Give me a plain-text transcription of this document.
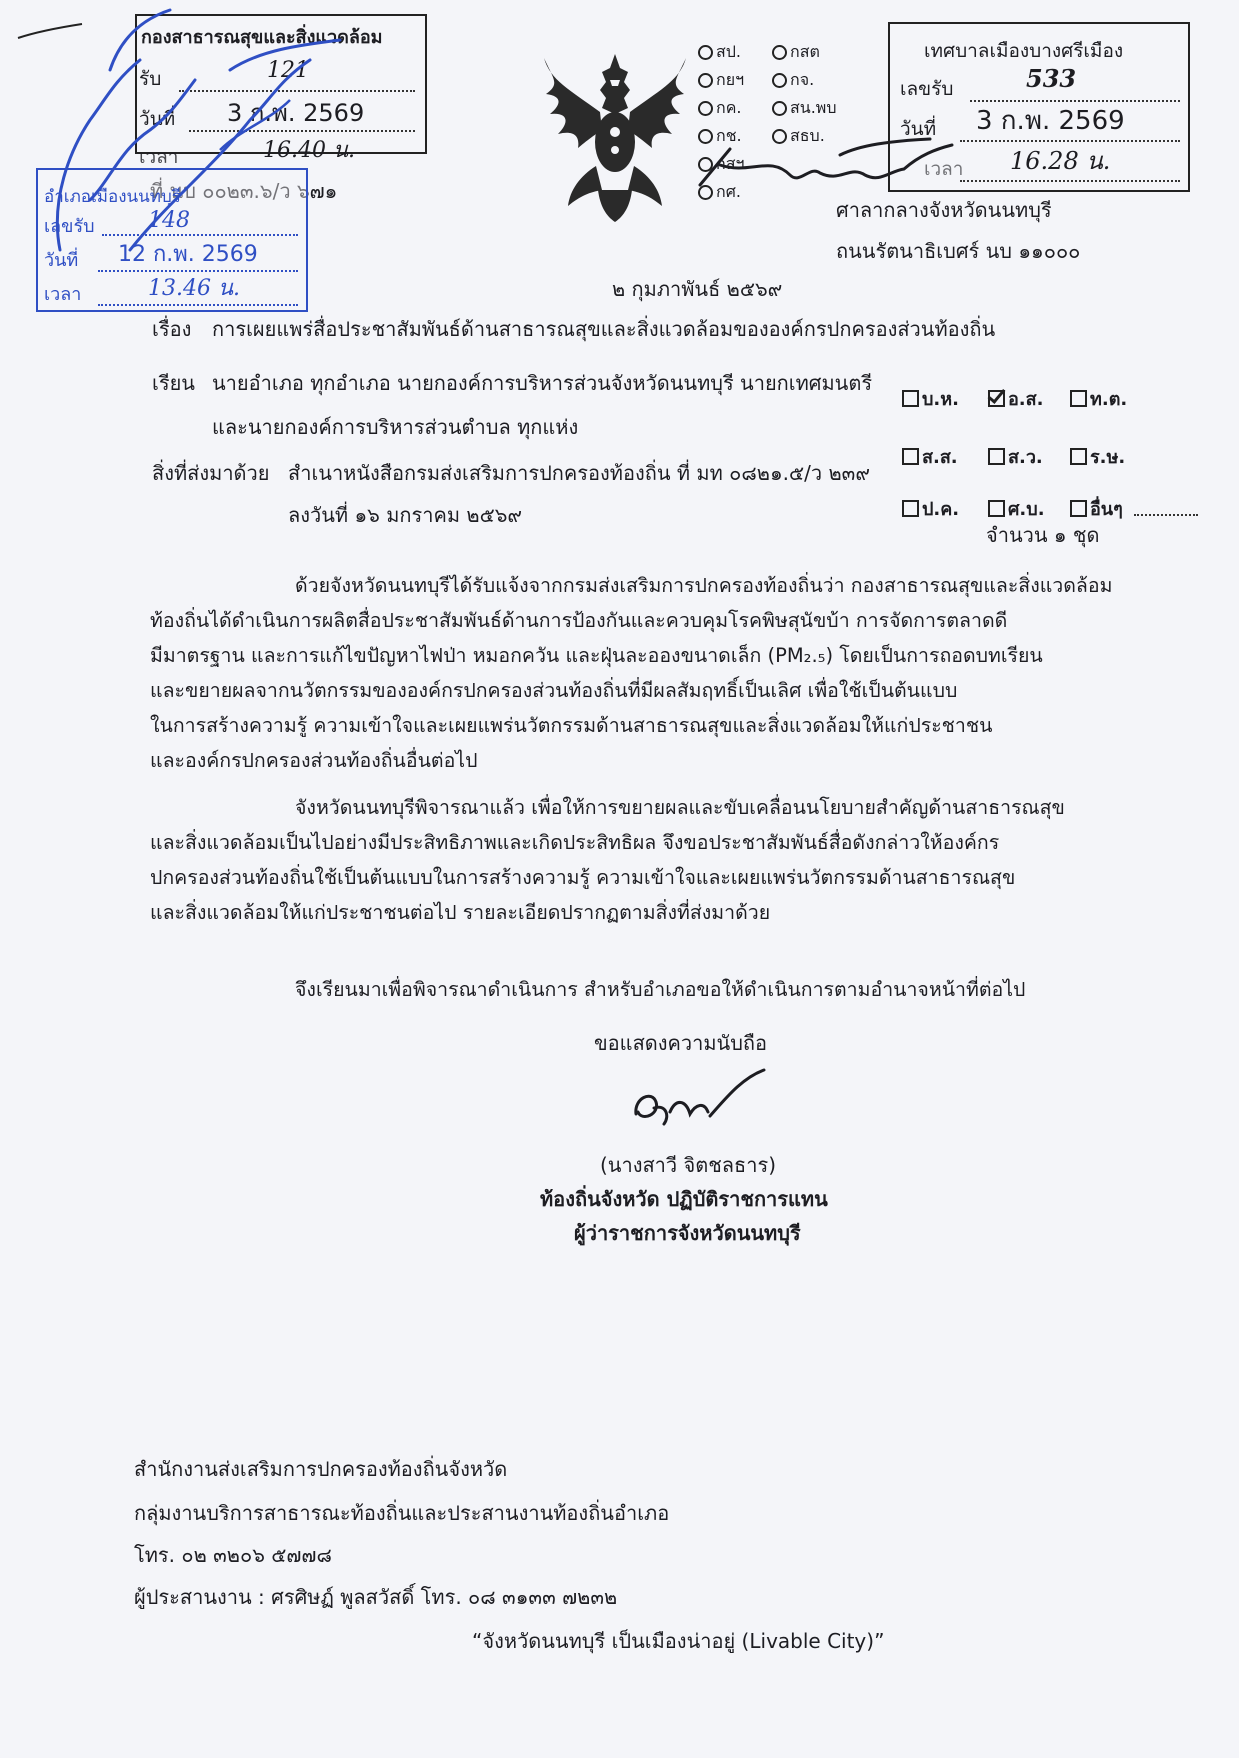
กองสาธารณสุขและสิ่งแวดล้อม
รับ	121
วันที่ 3 ก.พ. 2569
เวลา	16.40 น.
ที่ นบ ๐๐๒๓.๖/ว ๖๗๑
อำเภอเมืองนนทบุรี
เลขรับ 148
วันที่ 12 ก.พ. 2569
เวลา	13.46 น.
สป.	กสต
กยฯ	กจ.
กค.	สน.พบ
กช.	สธบ.
กสฯ
กศ.
เทศบาลเมืองบางศรีเมือง
เลขรับ	533
วันที่ 3 ก.พ. 2569
เวลา 16.28 น.
ศาลากลางจังหวัดนนทบุรี
ถนนรัตนาธิเบศร์ นบ ๑๑๐๐๐
๒ กุมภาพันธ์ ๒๕๖๙
เรื่อง การเผยแพร่สื่อประชาสัมพันธ์ด้านสาธารณสุขและสิ่งแวดล้อมขององค์กรปกครองส่วนท้องถิ่น
เรียน นายอำเภอ ทุกอำเภอ นายกองค์การบริหารส่วนจังหวัดนนทบุรี นายกเทศมนตรี
และนายกองค์การบริหารส่วนตำบล ทุกแห่ง
สิ่งที่ส่งมาด้วย สำเนาหนังสือกรมส่งเสริมการปกครองท้องถิ่น ที่ มท ๐๘๒๑.๕/ว ๒๓๙
ลงวันที่ ๑๖ มกราคม ๒๕๖๙
จำนวน ๑ ชุด
บ.ห.	อ.ส.	ท.ต.
ส.ส.	ส.ว.	ร.ษ.
ป.ค.	ศ.บ.	อื่นๆ
ด้วยจังหวัดนนทบุรีได้รับแจ้งจากกรมส่งเสริมการปกครองท้องถิ่นว่า กองสาธารณสุขและสิ่งแวดล้อม
ท้องถิ่นได้ดำเนินการผลิตสื่อประชาสัมพันธ์ด้านการป้องกันและควบคุมโรคพิษสุนัขบ้า การจัดการตลาดดี
มีมาตรฐาน และการแก้ไขปัญหาไฟป่า หมอกควัน และฝุ่นละอองขนาดเล็ก (PM₂.₅) โดยเป็นการถอดบทเรียน
และขยายผลจากนวัตกรรมขององค์กรปกครองส่วนท้องถิ่นที่มีผลสัมฤทธิ์เป็นเลิศ เพื่อใช้เป็นต้นแบบ
ในการสร้างความรู้ ความเข้าใจและเผยแพร่นวัตกรรมด้านสาธารณสุขและสิ่งแวดล้อมให้แก่ประชาชน
และองค์กรปกครองส่วนท้องถิ่นอื่นต่อไป
จังหวัดนนทบุรีพิจารณาแล้ว เพื่อให้การขยายผลและขับเคลื่อนนโยบายสำคัญด้านสาธารณสุข
และสิ่งแวดล้อมเป็นไปอย่างมีประสิทธิภาพและเกิดประสิทธิผล จึงขอประชาสัมพันธ์สื่อดังกล่าวให้องค์กร
ปกครองส่วนท้องถิ่นใช้เป็นต้นแบบในการสร้างความรู้ ความเข้าใจและเผยแพร่นวัตกรรมด้านสาธารณสุข
และสิ่งแวดล้อมให้แก่ประชาชนต่อไป รายละเอียดปรากฏตามสิ่งที่ส่งมาด้วย
จึงเรียนมาเพื่อพิจารณาดำเนินการ สำหรับอำเภอขอให้ดำเนินการตามอำนาจหน้าที่ต่อไป
ขอแสดงความนับถือ
(นางสาวี จิตชลธาร)
ท้องถิ่นจังหวัด ปฏิบัติราชการแทน
ผู้ว่าราชการจังหวัดนนทบุรี
สำนักงานส่งเสริมการปกครองท้องถิ่นจังหวัด
กลุ่มงานบริการสาธารณะท้องถิ่นและประสานงานท้องถิ่นอำเภอ
โทร. ๐๒ ๓๒๐๖ ๕๗๗๘
ผู้ประสานงาน : ศรศิษฏ์ พูลสวัสดิ์ โทร. ๐๘ ๓๑๓๓ ๗๒๓๒
“จังหวัดนนทบุรี เป็นเมืองน่าอยู่ (Livable City)”
